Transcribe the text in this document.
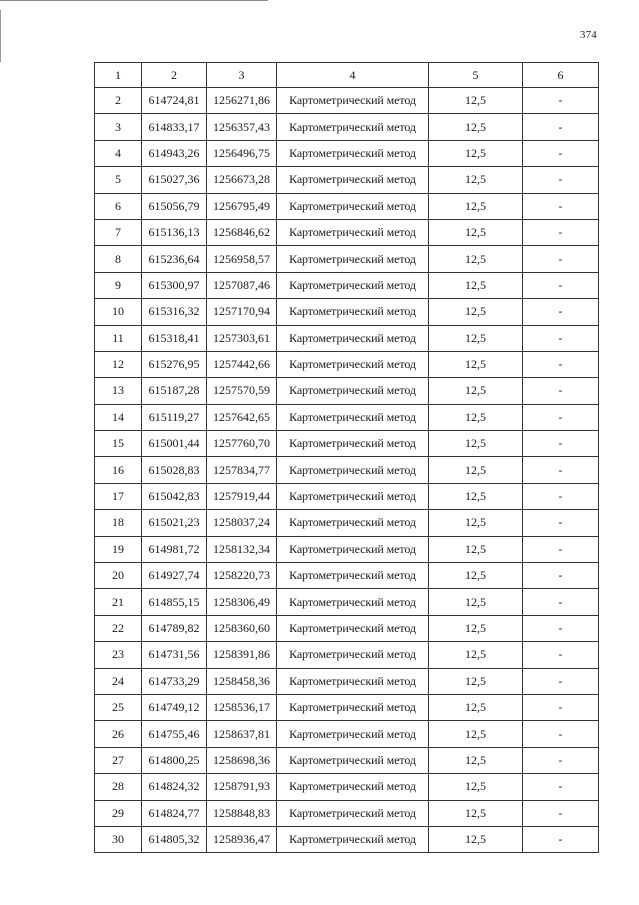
374
1	2	3	4	5	6
2	614724,81	1256271,86	Картометрический метод	12,5	-
3	614833,17	1256357,43	Картометрический метод	12,5	-
4	614943,26	1256496,75	Картометрический метод	12,5	-
5	615027,36	1256673,28	Картометрический метод	12,5	-
6	615056,79	1256795,49	Картометрический метод	12,5	-
7	615136,13	1256846,62	Картометрический метод	12,5	-
8	615236,64	1256958,57	Картометрический метод	12,5	-
9	615300,97	1257087,46	Картометрический метод	12,5	-
10	615316,32	1257170,94	Картометрический метод	12,5	-
11	615318,41	1257303,61	Картометрический метод	12,5	-
12	615276,95	1257442,66	Картометрический метод	12,5	-
13	615187,28	1257570,59	Картометрический метод	12,5	-
14	615119,27	1257642,65	Картометрический метод	12,5	-
15	615001,44	1257760,70	Картометрический метод	12,5	-
16	615028,83	1257834,77	Картометрический метод	12,5	-
17	615042,83	1257919,44	Картометрический метод	12,5	-
18	615021,23	1258037,24	Картометрический метод	12,5	-
19	614981,72	1258132,34	Картометрический метод	12,5	-
20	614927,74	1258220,73	Картометрический метод	12,5	-
21	614855,15	1258306,49	Картометрический метод	12,5	-
22	614789,82	1258360,60	Картометрический метод	12,5	-
23	614731,56	1258391,86	Картометрический метод	12,5	-
24	614733,29	1258458,36	Картометрический метод	12,5	-
25	614749,12	1258536,17	Картометрический метод	12,5	-
26	614755,46	1258637,81	Картометрический метод	12,5	-
27	614800,25	1258698,36	Картометрический метод	12,5	-
28	614824,32	1258791,93	Картометрический метод	12,5	-
29	614824,77	1258848,83	Картометрический метод	12,5	-
30	614805,32	1258936,47	Картометрический метод	12,5	-
